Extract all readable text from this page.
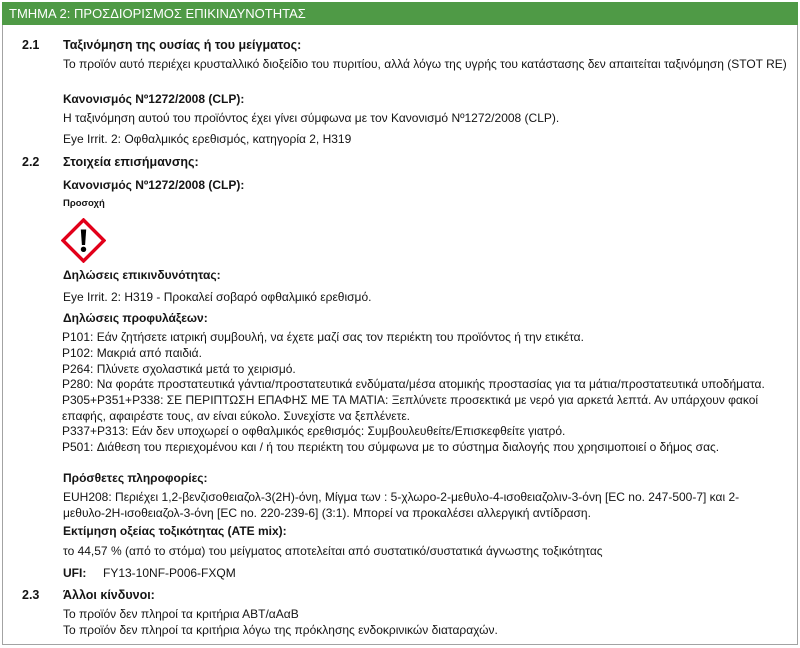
ΤΜΗΜΑ 2: ΠΡΟΣΔΙΟΡΙΣΜΟΣ ΕΠΙΚΙΝΔΥΝΟΤΗΤΑΣ
2.1 Ταξινόμηση της ουσίας ή του μείγματος:
Το προϊόν αυτό περιέχει κρυσταλλικό διοξείδιο του πυριτίου, αλλά λόγω της υγρής του κατάστασης δεν απαιτείται ταξινόμηση (STOT RE)
Κανονισμός Nº1272/2008 (CLP):
Η ταξινόμηση αυτού του προϊόντος έχει γίνει σύμφωνα με τον Κανονισμό Nº1272/2008 (CLP).
Eye Irrit. 2: Οφθαλμικός ερεθισμός, κατηγορία 2, H319
2.2 Στοιχεία επισήμανσης:
Κανονισμός Nº1272/2008 (CLP):
Προσοχή
Δηλώσεις επικινδυνότητας:
Eye Irrit. 2: H319 - Προκαλεί σοβαρό οφθαλμικό ερεθισμό.
Δηλώσεις προφυλάξεων:
P101: Εάν ζητήσετε ιατρική συμβουλή, να έχετε μαζί σας τον περιέκτη του προϊόντος ή την ετικέτα.
P102: Μακριά από παιδιά.
P264: Πλύνετε σχολαστικά μετά το χειρισμό.
P280: Να φοράτε προστατευτικά γάντια/προστατευτικά ενδύματα/μέσα ατομικής προστασίας για τα μάτια/προστατευτικά υποδήματα.
P305+P351+P338: ΣΕ ΠΕΡΙΠΤΩΣΗ ΕΠΑΦΗΣ ΜΕ ΤΑ ΜΑΤΙΑ: Ξεπλύνετε προσεκτικά με νερό για αρκετά λεπτά. Αν υπάρχουν φακοί επαφής, αφαιρέστε τους, αν είναι εύκολο. Συνεχίστε να ξεπλένετε.
P337+P313: Εάν δεν υποχωρεί ο οφθαλμικός ερεθισμός: Συμβουλευθείτε/Επισκεφθείτε γιατρό.
P501: Διάθεση του περιεχομένου και / ή του περιέκτη του σύμφωνα με το σύστημα διαλογής που χρησιμοποιεί ο δήμος σας.
Πρόσθετες πληροφορίες:
EUH208: Περιέχει 1,2-βενζισοθειαζολ-3(2H)-όνη, Μίγμα των : 5-χλωρο-2-μεθυλο-4-ισοθειαζολιν-3-όνη [EC no. 247-500-7] και 2-μεθυλο-2H-ισοθειαζολ-3-όνη [EC no. 220-239-6] (3:1). Μπορεί να προκαλέσει αλλεργική αντίδραση.
Εκτίμηση οξείας τοξικότητας (ATE mix):
το 44,57 % (από το στόμα) του μείγματος αποτελείται από συστατικό/συστατικά άγνωστης τοξικότητας
UFI: FY13-10NF-P006-FXQM
2.3 Άλλοι κίνδυνοι:
Το προϊόν δεν πληροί τα κριτήρια ΑΒΤ/αΑαΒ
Το προϊόν δεν πληροί τα κριτήρια λόγω της πρόκλησης ενδοκρινικών διαταραχών.
